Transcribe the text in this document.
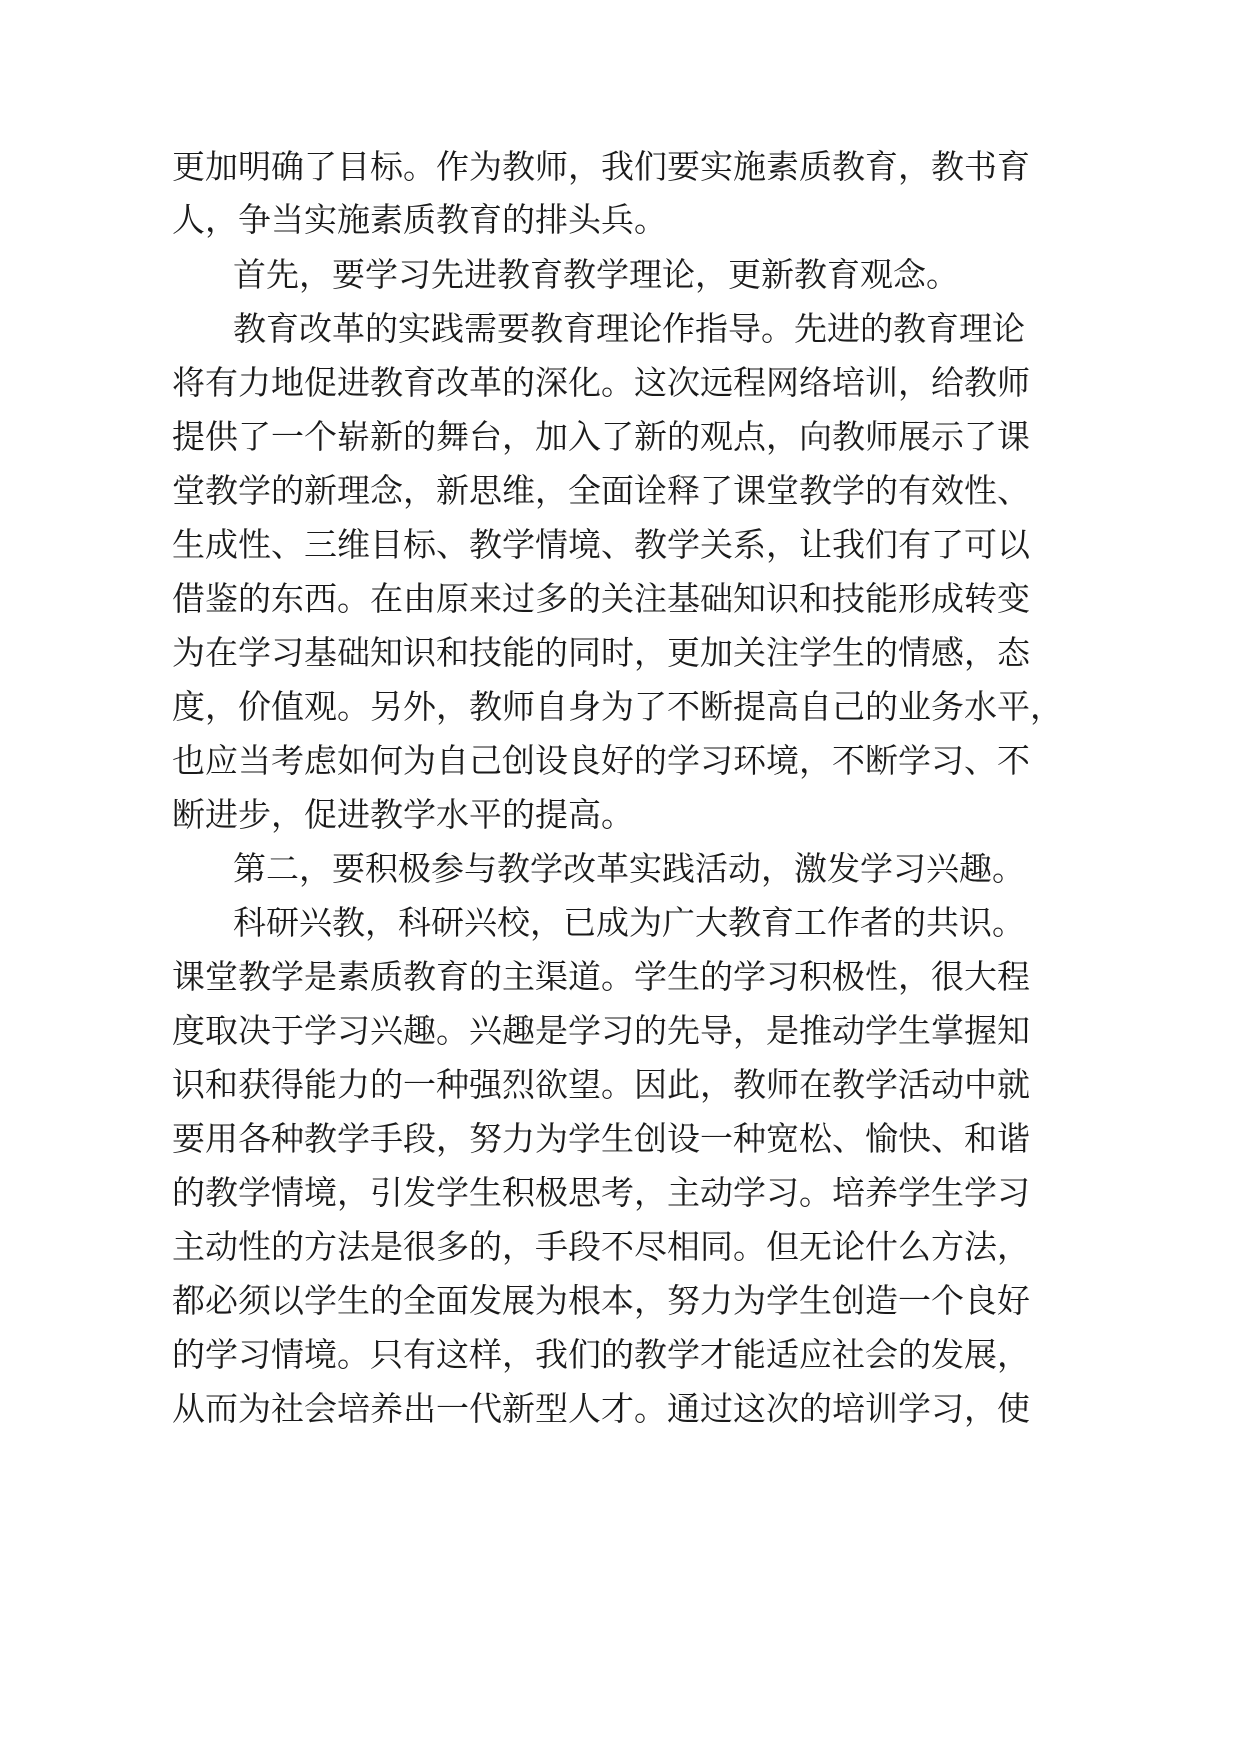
更加明确了目标。作为教师，我们要实施素质教育，教书育
人，争当实施素质教育的排头兵。
首先，要学习先进教育教学理论，更新教育观念。
教育改革的实践需要教育理论作指导。先进的教育理论
将有力地促进教育改革的深化。这次远程网络培训，给教师
提供了一个崭新的舞台，加入了新的观点，向教师展示了课
堂教学的新理念，新思维，全面诠释了课堂教学的有效性、
生成性、三维目标、教学情境、教学关系，让我们有了可以
借鉴的东西。在由原来过多的关注基础知识和技能形成转变
为在学习基础知识和技能的同时，更加关注学生的情感，态
度，价值观。另外，教师自身为了不断提高自己的业务水平，
也应当考虑如何为自己创设良好的学习环境，不断学习、不
断进步，促进教学水平的提高。
第二，要积极参与教学改革实践活动，激发学习兴趣。
科研兴教，科研兴校，已成为广大教育工作者的共识。
课堂教学是素质教育的主渠道。学生的学习积极性，很大程
度取决于学习兴趣。兴趣是学习的先导，是推动学生掌握知
识和获得能力的一种强烈欲望。因此，教师在教学活动中就
要用各种教学手段，努力为学生创设一种宽松、愉快、和谐
的教学情境，引发学生积极思考，主动学习。培养学生学习
主动性的方法是很多的，手段不尽相同。但无论什么方法，
都必须以学生的全面发展为根本，努力为学生创造一个良好
的学习情境。只有这样，我们的教学才能适应社会的发展，
从而为社会培养出一代新型人才。通过这次的培训学习，使
